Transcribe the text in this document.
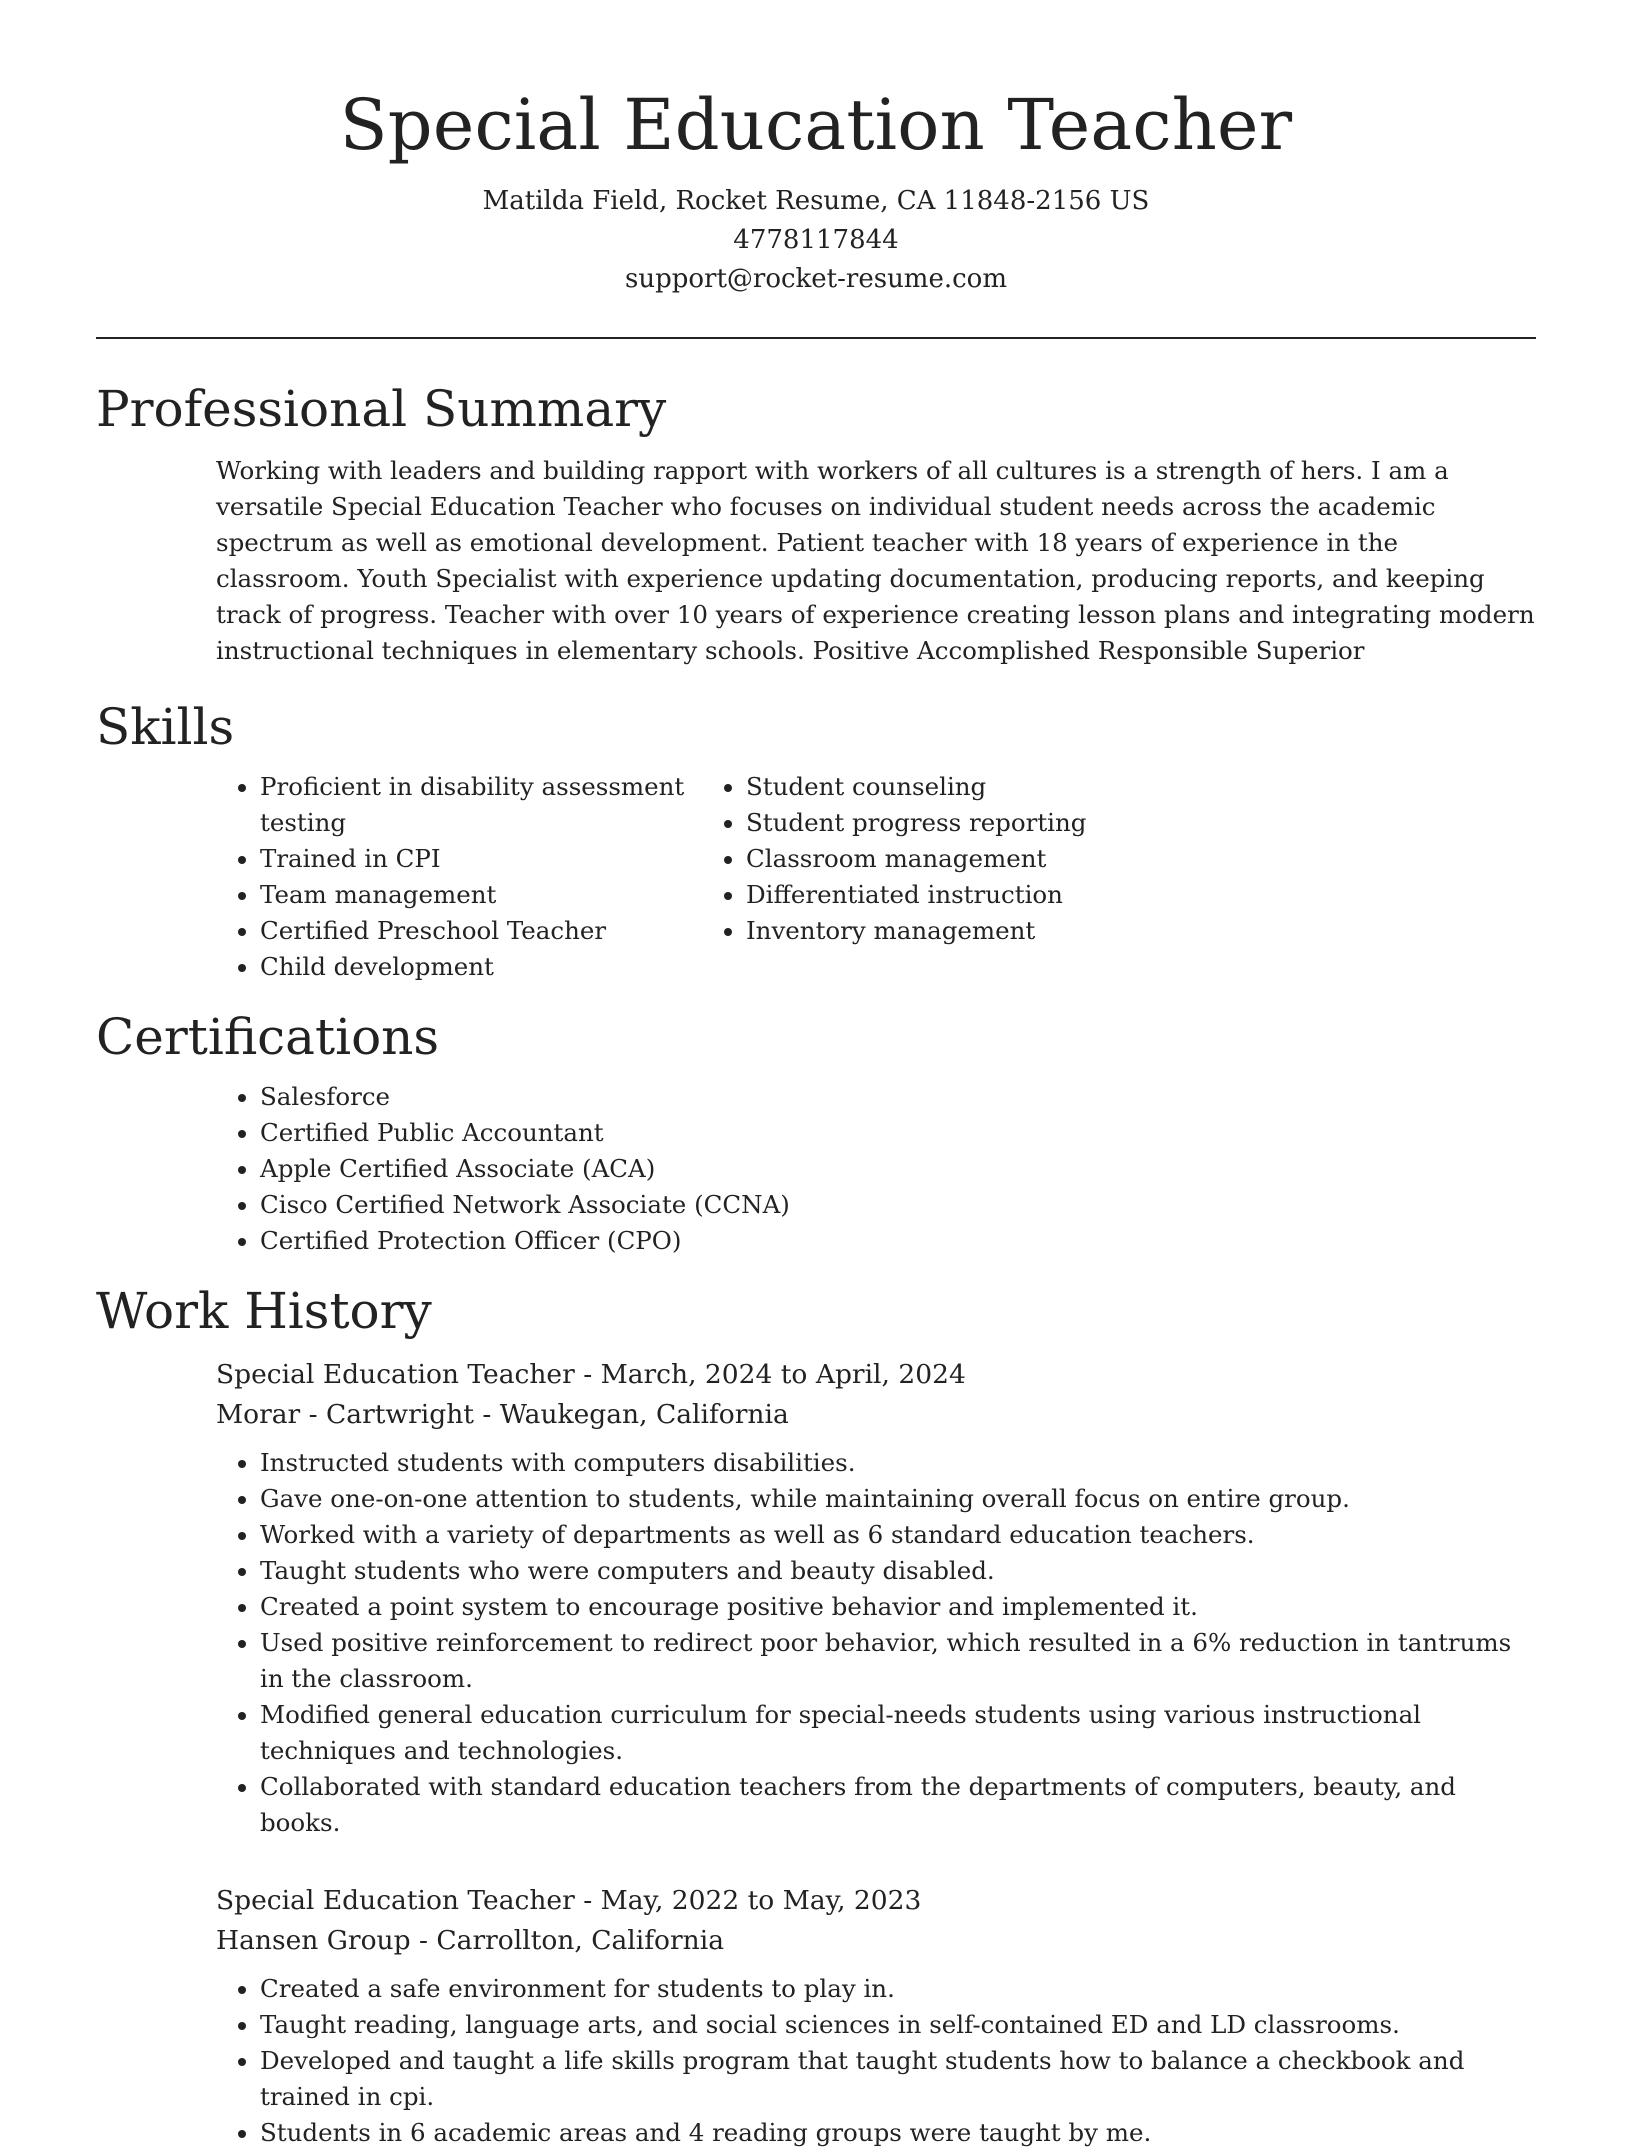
Special Education Teacher

Matilda Field, Rocket Resume, CA 11848-2156 US

4778117844

support@rocket-resume.com

Professional Summary

Working with leaders and building rapport with workers of all cultures is a strength of hers. I am a versatile Special Education Teacher who focuses on individual student needs across the academic spectrum as well as emotional development. Patient teacher with 18 years of experience in the classroom. Youth Specialist with experience updating documentation, producing reports, and keeping track of progress. Teacher with over 10 years of experience creating lesson plans and integrating modern instructional techniques in elementary schools. Positive Accomplished Responsible Superior

Skills
• Proficient in disability assessment testing
• Trained in CPI
• Team management
• Certified Preschool Teacher
• Child development
• Student counseling
• Student progress reporting
• Classroom management
• Differentiated instruction
• Inventory management
Certifications
• Salesforce
• Certified Public Accountant
• Apple Certified Associate (ACA)
• Cisco Certified Network Associate (CCNA)
• Certified Protection Officer (CPO)
Work History

Special Education Teacher - March, 2024 to April, 2024

Morar - Cartwright - Waukegan, California

• Instructed students with computers disabilities.
• Gave one-on-one attention to students, while maintaining overall focus on entire group.
• Worked with a variety of departments as well as 6 standard education teachers.
• Taught students who were computers and beauty disabled.
• Created a point system to encourage positive behavior and implemented it.
• Used positive reinforcement to redirect poor behavior, which resulted in a 6% reduction in tantrums in the classroom.
• Modified general education curriculum for special-needs students using various instructional techniques and technologies.
• Collaborated with standard education teachers from the departments of computers, beauty, and books.

Special Education Teacher - May, 2022 to May, 2023

Hansen Group - Carrollton, California

• Created a safe environment for students to play in.
• Taught reading, language arts, and social sciences in self-contained ED and LD classrooms.
• Developed and taught a life skills program that taught students how to balance a checkbook and trained in cpi.
• Students in 6 academic areas and 4 reading groups were taught by me.
